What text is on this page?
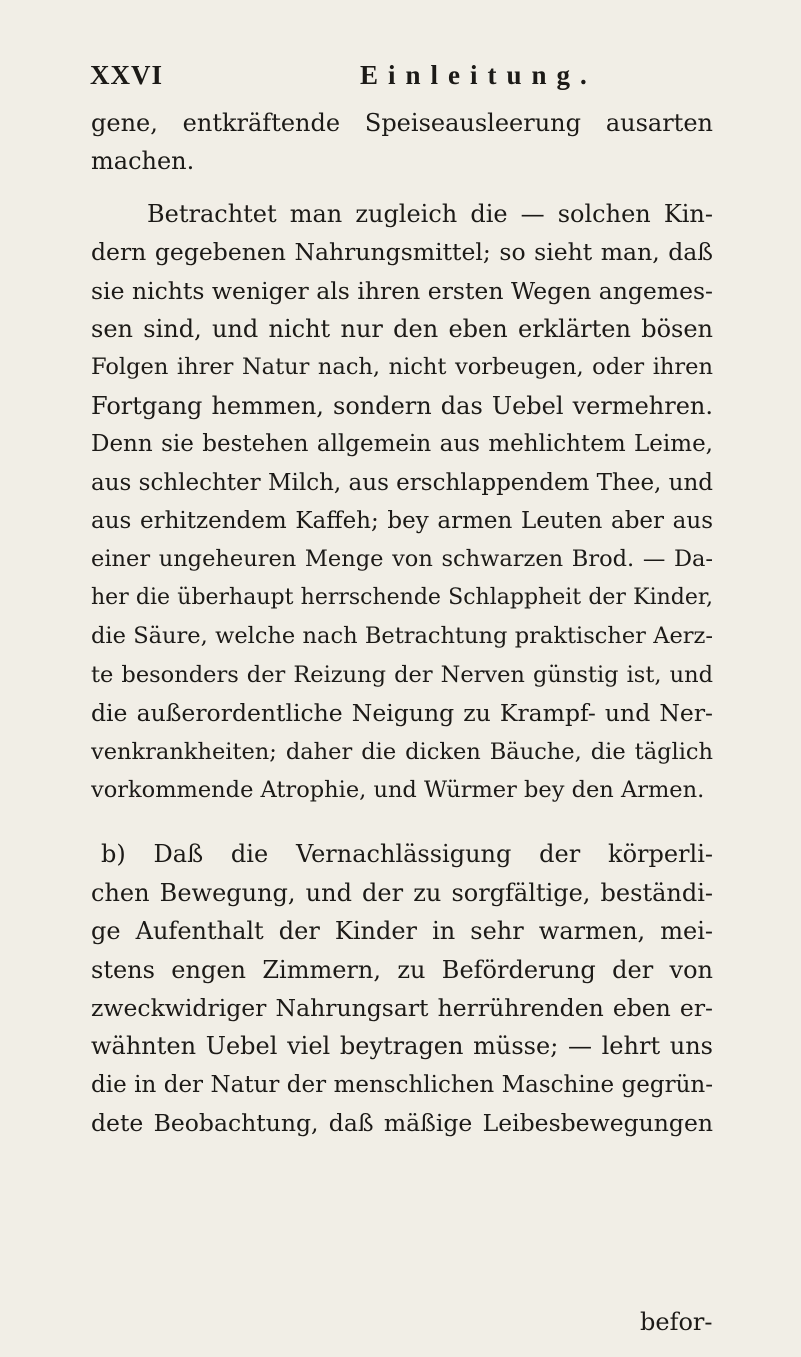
XXVI	Einleitung.
gene, entkräftende Speiseausleerung ausarten
machen.
Betrachtet man zugleich die — solchen Kin-
dern gegebenen Nahrungsmittel; so sieht man, daß
sie nichts weniger als ihren ersten Wegen angemes-
sen sind, und nicht nur den eben erklärten bösen
Folgen ihrer Natur nach, nicht vorbeugen, oder ihren
Fortgang hemmen, sondern das Uebel vermehren.
Denn sie bestehen allgemein aus mehlichtem Leime,
aus schlechter Milch, aus erschlappendem Thee, und
aus erhitzendem Kaffeh; bey armen Leuten aber aus
einer ungeheuren Menge von schwarzen Brod. — Da-
her die überhaupt herrschende Schlappheit der Kinder,
die Säure, welche nach Betrachtung praktischer Aerz-
te besonders der Reizung der Nerven günstig ist, und
die außerordentliche Neigung zu Krampf- und Ner-
venkrankheiten; daher die dicken Bäuche, die täglich
vorkommende Atrophie, und Würmer bey den Armen.
b) Daß die Vernachlässigung der körperli-
chen Bewegung, und der zu sorgfältige, beständi-
ge Aufenthalt der Kinder in sehr warmen, mei-
stens engen Zimmern, zu Beförderung der von
zweckwidriger Nahrungsart herrührenden eben er-
wähnten Uebel viel beytragen müsse; — lehrt uns
die in der Natur der menschlichen Maschine gegrün-
dete Beobachtung, daß mäßige Leibesbewegungen
befor-
